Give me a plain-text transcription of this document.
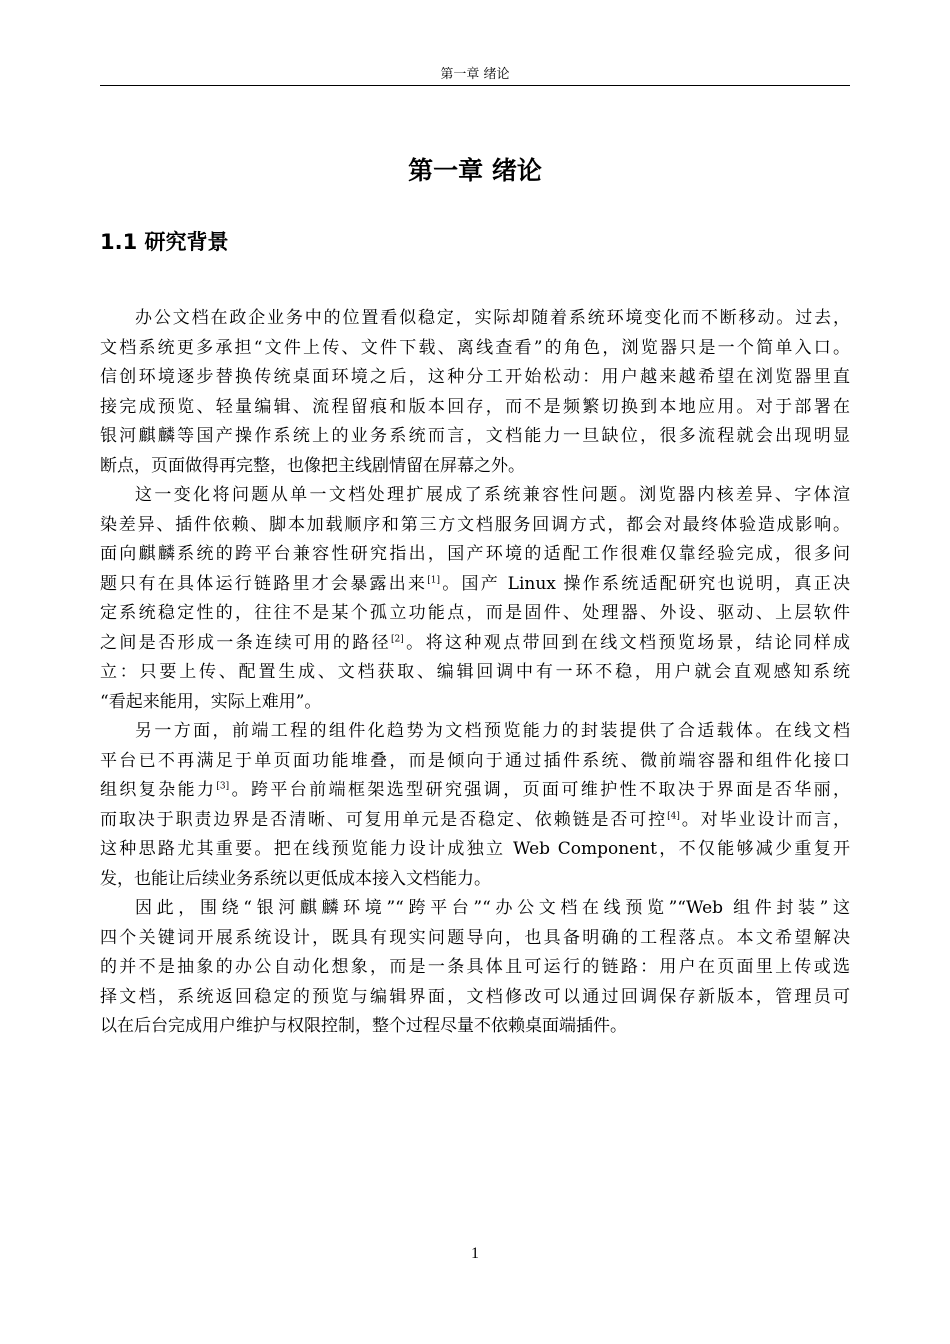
第一章 绪论
第一章 绪论
1.1 研究背景
办公文档在政企业务中的位置看似稳定，实际却随着系统环境变化而不断移动。过去，
文档系统更多承担“文件上传、文件下载、离线查看”的角色，浏览器只是一个简单入口。
信创环境逐步替换传统桌面环境之后，这种分工开始松动：用户越来越希望在浏览器里直
接完成预览、轻量编辑、流程留痕和版本回存，而不是频繁切换到本地应用。对于部署在
银河麒麟等国产操作系统上的业务系统而言，文档能力一旦缺位，很多流程就会出现明显
断点，页面做得再完整，也像把主线剧情留在屏幕之外。
这一变化将问题从单一文档处理扩展成了系统兼容性问题。浏览器内核差异、字体渲
染差异、插件依赖、脚本加载顺序和第三方文档服务回调方式，都会对最终体验造成影响。
面向麒麟系统的跨平台兼容性研究指出，国产环境的适配工作很难仅靠经验完成，很多问
题只有在具体运行链路里才会暴露出来[1]。国产 Linux 操作系统适配研究也说明，真正决
定系统稳定性的，往往不是某个孤立功能点，而是固件、处理器、外设、驱动、上层软件
之间是否形成一条连续可用的路径[2]。将这种观点带回到在线文档预览场景，结论同样成
立：只要上传、配置生成、文档获取、编辑回调中有一环不稳，用户就会直观感知系统
“看起来能用，实际上难用”。
另一方面，前端工程的组件化趋势为文档预览能力的封装提供了合适载体。在线文档
平台已不再满足于单页面功能堆叠，而是倾向于通过插件系统、微前端容器和组件化接口
组织复杂能力[3]。跨平台前端框架选型研究强调，页面可维护性不取决于界面是否华丽，
而取决于职责边界是否清晰、可复用单元是否稳定、依赖链是否可控[4]。对毕业设计而言，
这种思路尤其重要。把在线预览能力设计成独立 Web Component，不仅能够减少重复开
发，也能让后续业务系统以更低成本接入文档能力。
因此，围绕“银河麒麟环境”“跨平台”“办公文档在线预览”“Web 组件封装”这
四个关键词开展系统设计，既具有现实问题导向，也具备明确的工程落点。本文希望解决
的并不是抽象的办公自动化想象，而是一条具体且可运行的链路：用户在页面里上传或选
择文档，系统返回稳定的预览与编辑界面，文档修改可以通过回调保存新版本，管理员可
以在后台完成用户维护与权限控制，整个过程尽量不依赖桌面端插件。
1
